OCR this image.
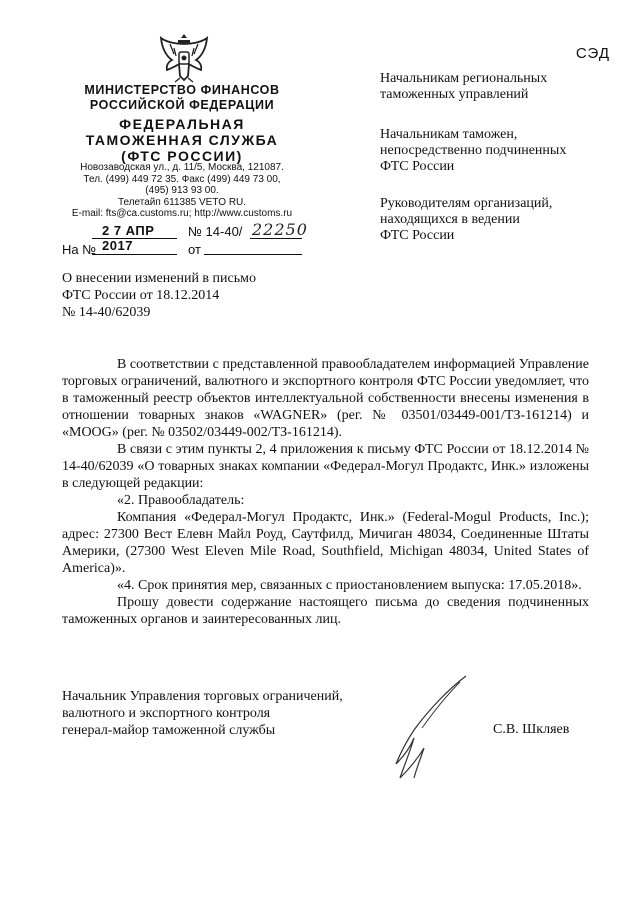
СЭД
МИНИСТЕРСТВО ФИНАНСОВ
РОССИЙСКОЙ ФЕДЕРАЦИИ
ФЕДЕРАЛЬНАЯ
ТАМОЖЕННАЯ СЛУЖБА
(ФТС РОССИИ)
Новозаводская ул., д. 11/5, Москва, 121087.
Тел. (499) 449 72 35. Факс (499) 449 73 00,
(495) 913 93 00.
Телетайп 611385 VETO RU.
E-mail: fts@ca.customs.ru; http://www.customs.ru
2 7 АПР 2017
№ 14-40/ 22250
На №	от
Начальникам региональных
таможенных управлений
Начальникам таможен,
непосредственно подчиненных
ФТС России
Руководителям организаций,
находящихся в ведении
ФТС России
О внесении изменений в письмо
ФТС России от 18.12.2014
№ 14-40/62039

В соответствии с представленной правообладателем информацией Управление торговых ограничений, валютного и экспортного контроля ФТС России уведомляет, что в таможенный реестр объектов интеллектуальной собственности внесены изменения в отношении товарных знаков «WAGNER» (рег. № 03501/03449-001/ТЗ-161214) и «MOOG» (рег. № 03502/03449-002/ТЗ-161214).

В связи с этим пункты 2, 4 приложения к письму ФТС России от 18.12.2014 № 14-40/62039 «О товарных знаках компании «Федерал-Могул Продактс, Инк.» изложены в следующей редакции:

«2. Правообладатель:

Компания «Федерал-Могул Продактс, Инк.» (Federal-Mogul Products, Inc.); адрес: 27300 Вест Елевн Майл Роуд, Саутфилд, Мичиган 48034, Соединенные Штаты Америки, (27300 West Eleven Mile Road, Southfield, Michigan 48034, United States of America)».

«4. Срок принятия мер, связанных с приостановлением выпуска: 17.05.2018».

Прошу довести содержание настоящего письма до сведения подчиненных таможенных органов и заинтересованных лиц.

Начальник Управления торговых ограничений,
валютного и экспортного контроля
генерал-майор таможенной службы	С.В. Шкляев
